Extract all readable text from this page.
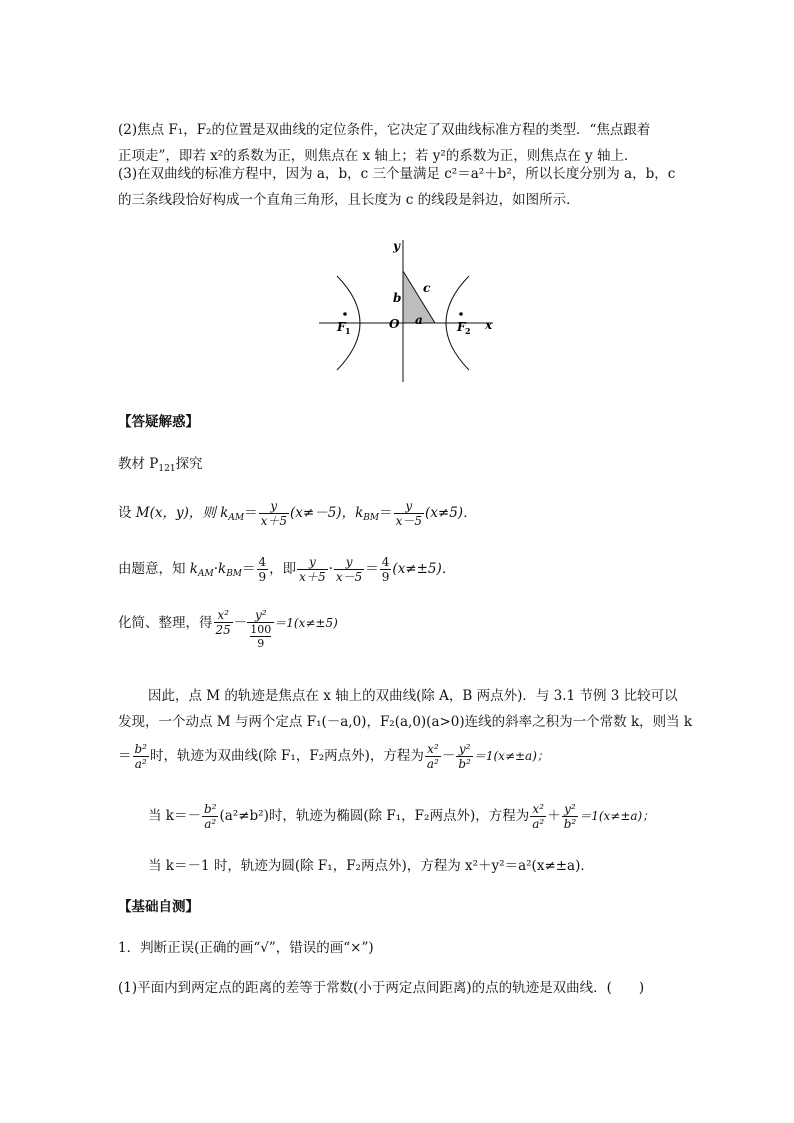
(2)焦点 F₁，F₂的位置是双曲线的定位条件，它决定了双曲线标准方程的类型．“焦点跟着
正项走”，即若 x²的系数为正，则焦点在 x 轴上；若 y²的系数为正，则焦点在 y 轴上．
(3)在双曲线的标准方程中，因为 a，b，c 三个量满足 c²＝a²＋b²，所以长度分别为 a，b，c
的三条线段恰好构成一个直角三角形，且长度为 c 的线段是斜边，如图所示．
y
x
O
b
c
a
F 1	F 2
【答疑解惑】
教材 $P_{121}$探究
设 M(x，y)，则 $k_{AM}= \frac{y}{x+5} (x\ne-5)$，$k_{BM}= \frac{y}{x-5} (x\ne 5)$．
由题意，知 $k_{AM}\cdot k_{BM}= \frac{4}{9}$ ，即 $\frac{y}{x+5} \cdot \frac{y}{x-5} = \frac{4}{9} (x\ne\pm 5)$．
化简、整理，得 $\frac{\text{x²}}{25} - y^2$
100
9
＝1(x≠±5)
因此，点 M 的轨迹是焦点在 x 轴上的双曲线(除 A，B 两点外)．与 3.1 节例 3 比较可以
发现，一个动点 M 与两个定点 F₁(－a,0)，F₂(a,0)(a>0)连线的斜率之积为一个常数 k，则当 k
＝ $\frac{\text{b²}}{\text{a²}}$ 时，轨迹为双曲线(除 F₁，F₂两点外)，方程为 $\frac{\text{x²}}{\text{a²}} - \frac{\text{y²}}{\text{b²}} =1(x\ne\pm a)$；
当 $k=- \frac{\text{b²}}{\text{a²}} (a^2\ne b^2)$时，轨迹为椭圆(除 F₁，F₂两点外)，方程为 $\frac{\text{x²}}{\text{a²}} + \frac{\text{y²}}{\text{b²}} =1(x\ne\pm a)$；
当 k＝－1 时，轨迹为圆(除 F₁，F₂两点外)，方程为 x²＋y²＝a²(x≠±a)．
【基础自测】
1．判断正误(正确的画“√”，错误的画“×”)
(1)平面内到两定点的距离的差等于常数(小于两定点间距离)的点的轨迹是双曲线．(　　)
